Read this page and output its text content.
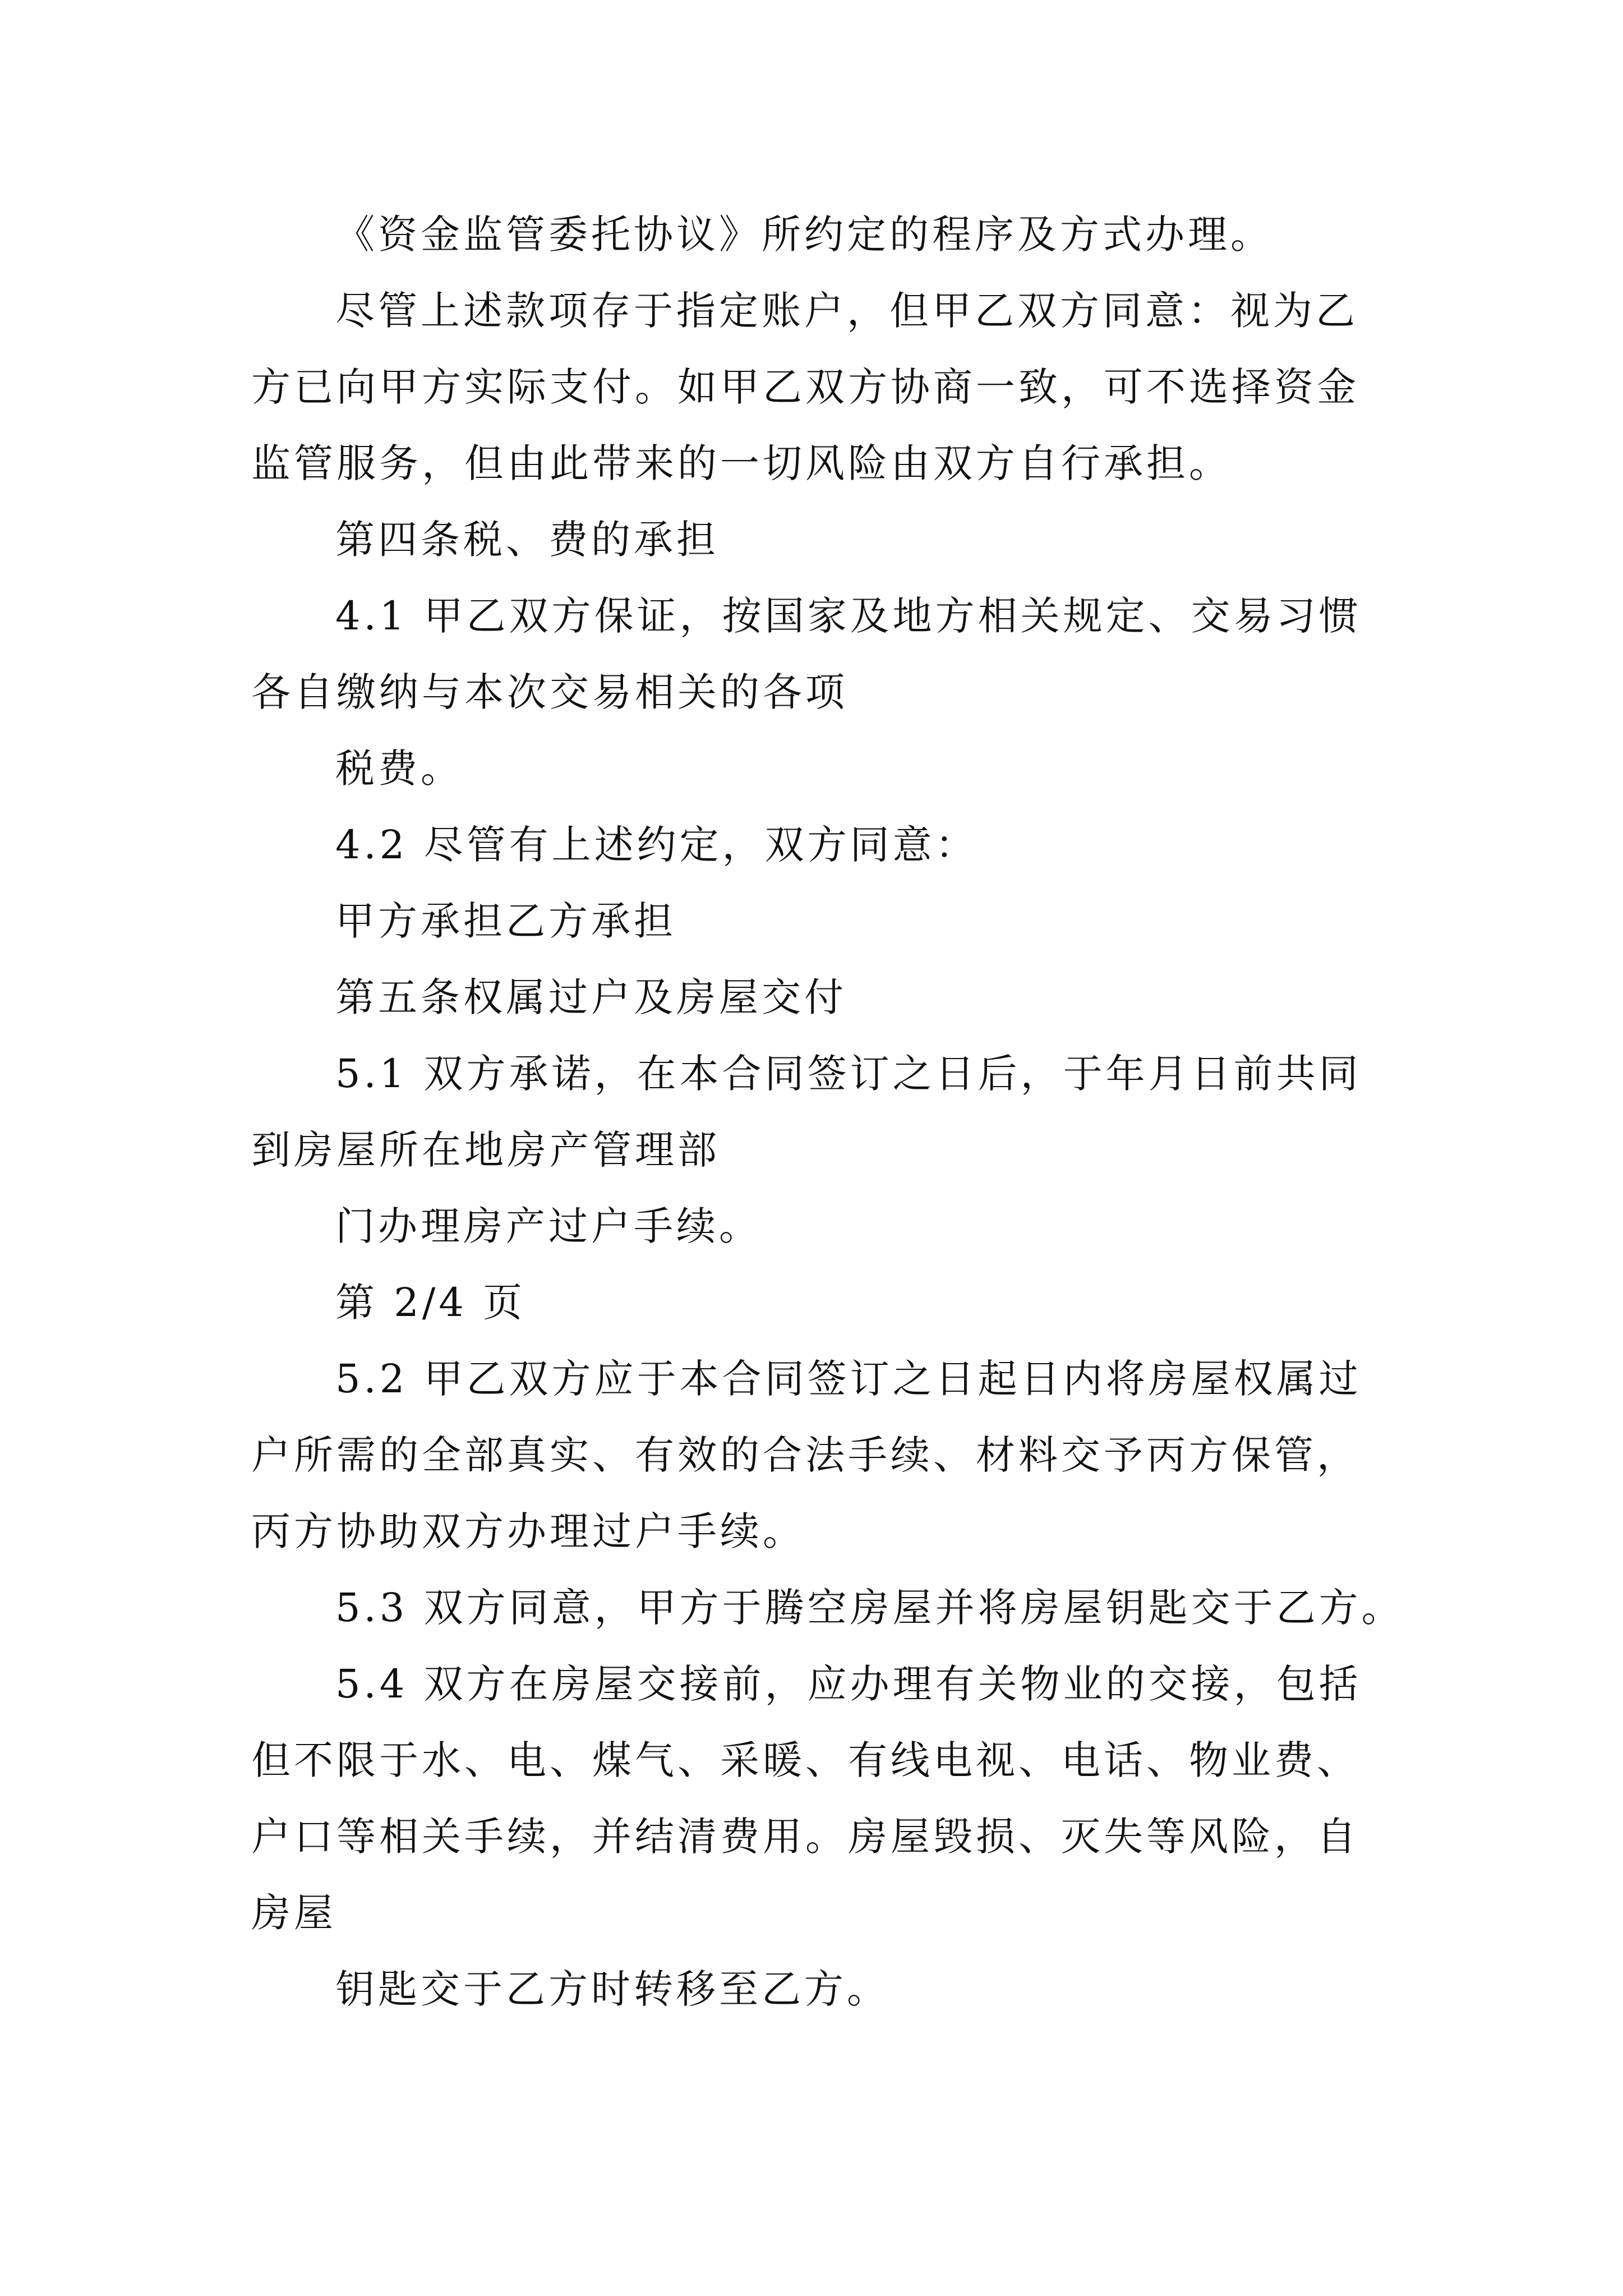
《资金监管委托协议》所约定的程序及方式办理。
尽管上述款项存于指定账户，但甲乙双方同意：视为乙
方已向甲方实际支付。如甲乙双方协商一致，可不选择资金
监管服务，但由此带来的一切风险由双方自行承担。
第四条税、费的承担
4.1 甲乙双方保证，按国家及地方相关规定、交易习惯
各自缴纳与本次交易相关的各项
税费。
4.2 尽管有上述约定，双方同意：
甲方承担乙方承担
第五条权属过户及房屋交付
5.1 双方承诺，在本合同签订之日后，于年月日前共同
到房屋所在地房产管理部
门办理房产过户手续。
第 2/4 页
5.2 甲乙双方应于本合同签订之日起日内将房屋权属过
户所需的全部真实、有效的合法手续、材料交予丙方保管，
丙方协助双方办理过户手续。
5.3 双方同意，甲方于腾空房屋并将房屋钥匙交于乙方。
5.4 双方在房屋交接前，应办理有关物业的交接，包括
但不限于水、电、煤气、采暖、有线电视、电话、物业费、
户口等相关手续，并结清费用。房屋毁损、灭失等风险，自
房屋
钥匙交于乙方时转移至乙方。
